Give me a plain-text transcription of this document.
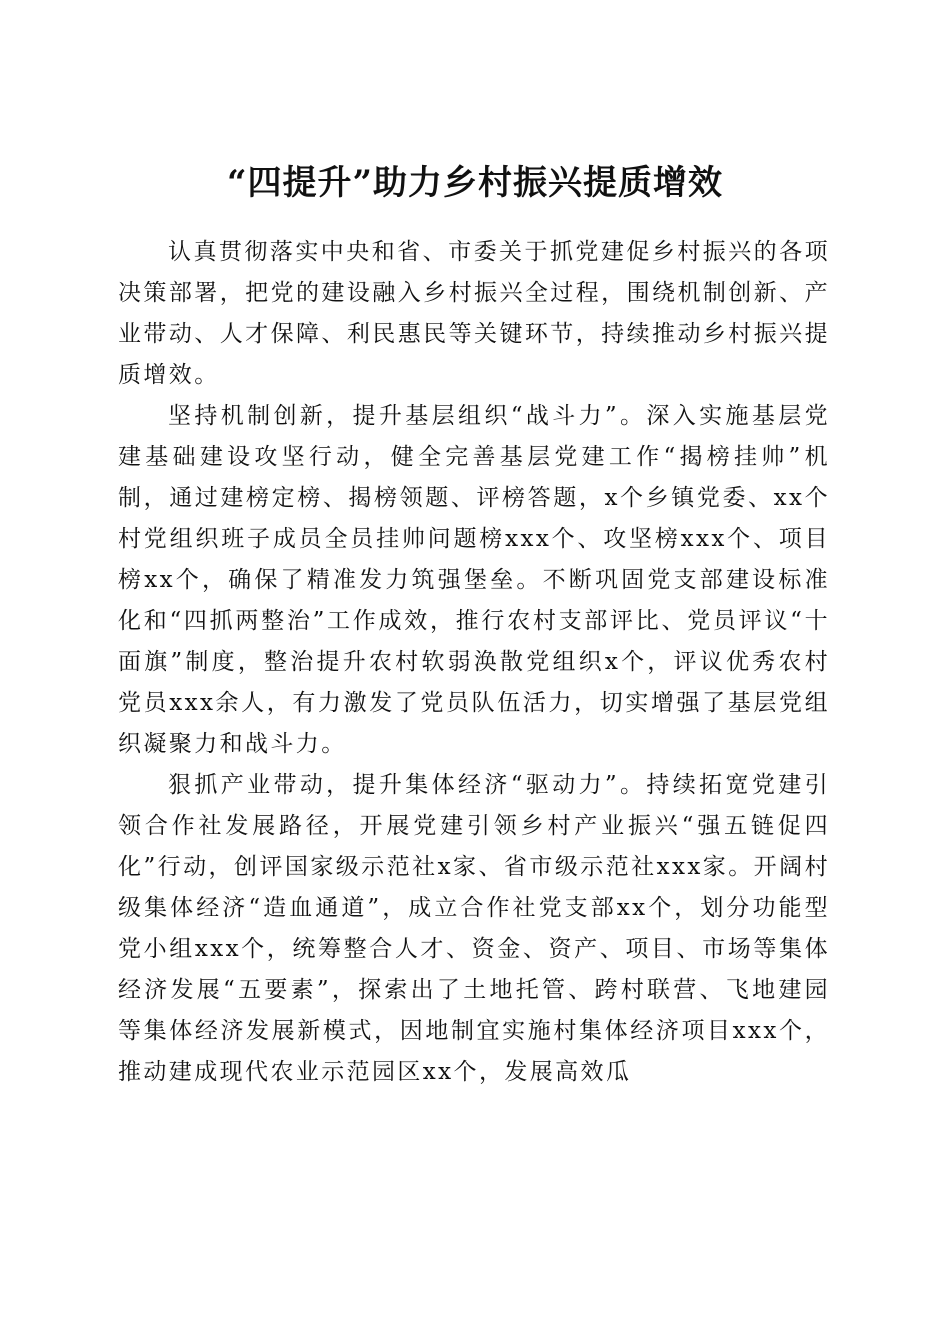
“四提升”助力乡村振兴提质增效

认真贯彻落实中央和省、市委关于抓党建促乡村振兴的各项决策部署，把党的建设融入乡村振兴全过程，围绕机制创新、产业带动、人才保障、利民惠民等关键环节，持续推动乡村振兴提质增效。

坚持机制创新，提升基层组织“战斗力”。深入实施基层党建基础建设攻坚行动，健全完善基层党建工作“揭榜挂帅”机制，通过建榜定榜、揭榜领题、评榜答题，x个乡镇党委、xx个村党组织班子成员全员挂帅问题榜xxx个、攻坚榜xxx个、项目榜xx个，确保了精准发力筑强堡垒。不断巩固党支部建设标准化和“四抓两整治”工作成效，推行农村支部评比、党员评议“十面旗”制度，整治提升农村软弱涣散党组织x个，评议优秀农村党员xxx余人，有力激发了党员队伍活力，切实增强了基层党组织凝聚力和战斗力。

狠抓产业带动，提升集体经济“驱动力”。持续拓宽党建引领合作社发展路径，开展党建引领乡村产业振兴“强五链促四化”行动，创评国家级示范社x家、省市级示范社xxx家。开阔村级集体经济“造血通道”，成立合作社党支部xx个，划分功能型党小组xxx个，统筹整合人才、资金、资产、项目、市场等集体经济发展“五要素”，探索出了土地托管、跨村联营、飞地建园等集体经济发展新模式，因地制宜实施村集体经济项目xxx个，推动建成现代农业示范园区xx个，发展高效瓜
